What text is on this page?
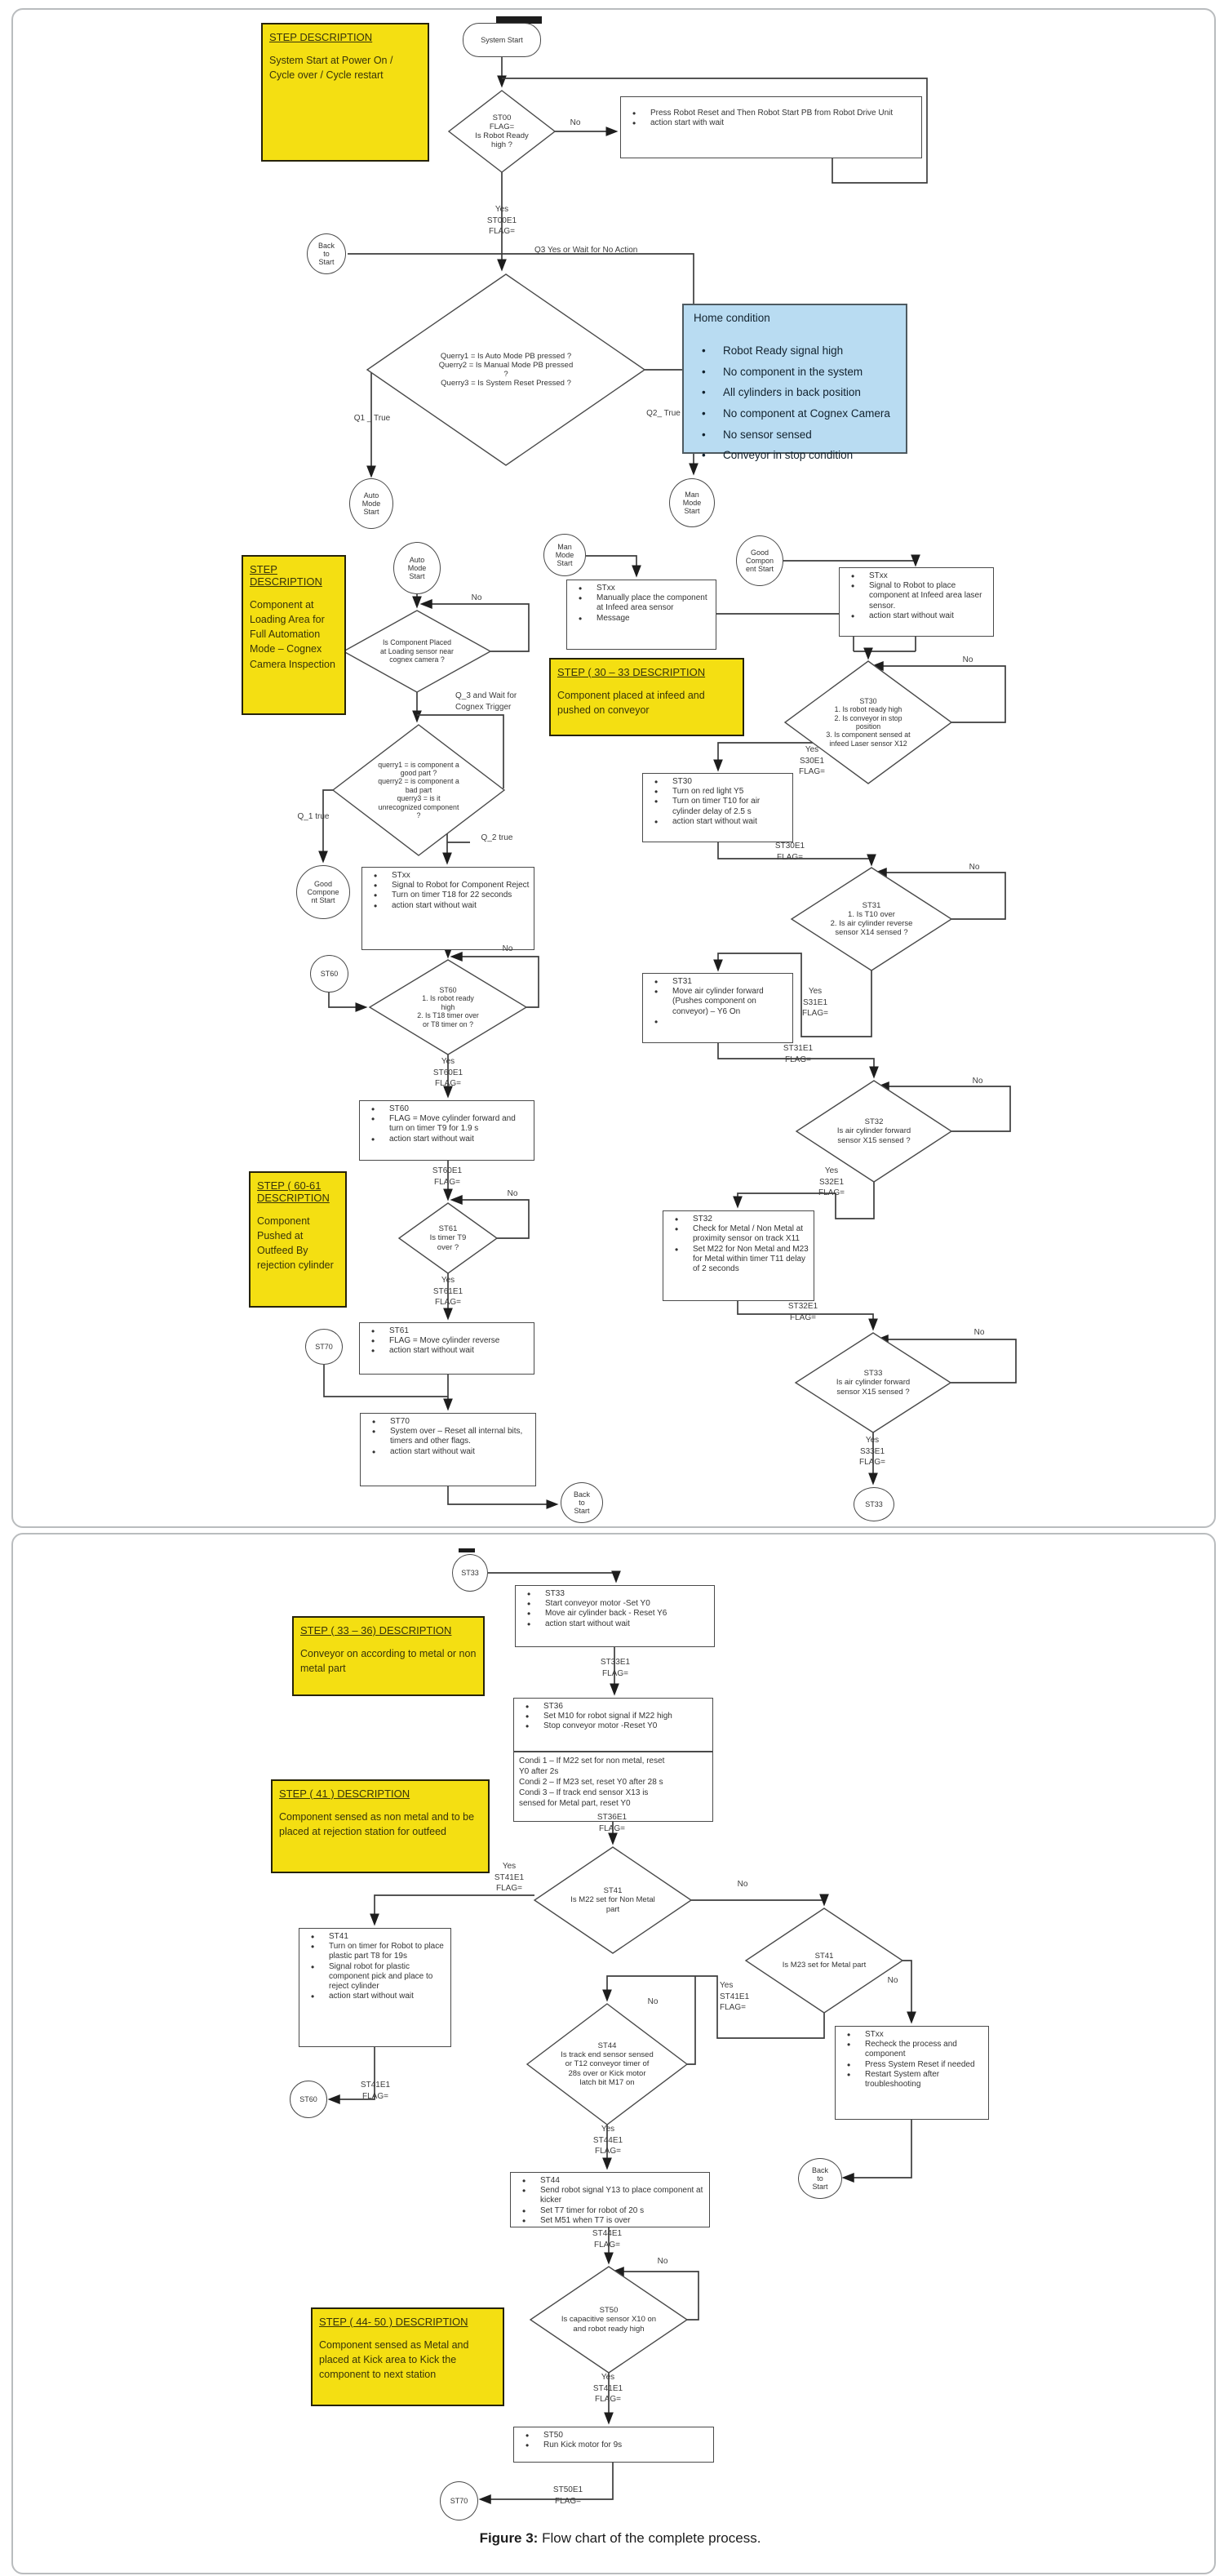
STEP DESCRIPTION
System Start at Power On / Cycle over / Cycle restart
STEP
DESCRIPTION
Component at Loading Area for Full Automation Mode – Cognex Camera Inspection
STEP ( 30 – 33 DESCRIPTION
Component placed at infeed and pushed on conveyor
STEP ( 60-61
DESCRIPTION
Component Pushed at Outfeed By rejection cylinder
STEP ( 33 – 36) DESCRIPTION
Conveyor on according to metal or non metal part
STEP ( 41 ) DESCRIPTION
Component sensed as non metal and to be placed at rejection station for outfeed
STEP ( 44- 50 ) DESCRIPTION
Component sensed as Metal and placed at Kick area to Kick the component to next station
Home condition
• Robot Ready signal high
• No component in the system
• All cylinders in back position
• No component at Cognex Camera
• No sensor sensed
• Conveyor in stop condition
System Start
Back
to
Start
Auto
Mode
Start
Man
Mode
Start
Auto
Mode
Start
Man
Mode
Start
Good
Compon
ent Start
Good
Compone
nt Start
ST60
ST70
Back
to
Start
ST33
ST33
ST60
Back
to
Start
ST70
ST00
FLAG=
Is Robot Ready
high ?
Querry1 = Is Auto Mode PB pressed ?
Querry2 = Is Manual Mode PB pressed
?
Querry3 = Is System Reset Pressed ?
Is Component Placed
at Loading sensor near
cognex camera ?
querry1 = is component a
good part ?
querry2 = is component a
bad part
querry3 = is it
unrecognized component
?
ST60
1. Is robot ready
high
2. Is T18 timer over
or T8 timer on ?
ST61
Is timer T9
over ?
ST30
1. Is robot ready high
2. Is conveyor in stop
position
3. Is component sensed at
infeed Laser sensor X12
ST31
1. Is T10 over
2. Is air cylinder reverse
sensor X14 sensed ?
ST32
Is air cylinder forward
sensor X15 sensed ?
ST33
Is air cylinder forward
sensor X15 sensed ?
ST41
Is M22 set for Non Metal
part
ST41
Is M23 set for Metal part
ST44
Is track end sensor sensed
or T12 conveyor timer of
28s over or Kick motor
latch bit M17 on
ST50
Is capacitive sensor X10 on
and robot ready high
• Press Robot Reset and Then Robot Start PB from Robot Drive Unit
• action start with wait
• STxx
• Manually place the component at Infeed area sensor
• Message
• STxx
• Signal to Robot to place component at Infeed area laser sensor.
• action start without wait
• STxx
• Signal to Robot for Component Reject
• Turn on timer T18 for 22 seconds
• action start without wait
• ST30
• Turn on red light Y5
• Turn on timer T10 for air cylinder delay of 2.5 s
• action start without wait
• ST31
• Move air cylinder forward (Pushes component on conveyor) – Y6 On
• ST32
• Check for Metal / Non Metal at proximity sensor on track X11
• Set M22 for Non Metal and M23 for Metal within timer T11 delay of 2 seconds
• ST60
• FLAG = Move cylinder forward and turn on timer T9 for 1.9 s
• action start without wait
• ST61
• FLAG = Move cylinder reverse
• action start without wait
• ST70
• System over – Reset all internal bits, timers and other flags.
• action start without wait
• ST33
• Start conveyor motor -Set Y0
• Move air cylinder back - Reset Y6
• action start without wait
• ST36
• Set M10 for robot signal if M22 high
• Stop conveyor motor -Reset Y0
Condi 1 – If M22 set for non metal, reset
Y0 after 2s
Condi 2 – If M23 set, reset Y0 after 28 s
Condi 3 – If track end sensor X13 is
sensed for Metal part, reset Y0
• ST41
• Turn on timer for Robot to place plastic part T8 for 19s
• Signal robot for plastic component pick and place to reject cylinder
• action start without wait
• STxx
• Recheck the process and component
• Press System Reset if needed
• Restart System after troubleshooting
• ST44
• Send robot signal Y13 to place component at kicker
• Set T7 timer for robot of 20 s
• Set M51 when T7 is over
• ST50
• Run Kick motor for 9s
Yes
ST00E1
FLAG=
Q3 Yes or Wait for No Action
No
Q1 _ True
Q2_ True
No
Q_3 and Wait for
Cognex Trigger
Q_1 true
Q_2 true
No
Yes
ST60E1
FLAG=
ST60E1
FLAG=
No
Yes
ST61E1
FLAG=
No
Yes
S30E1
FLAG=
ST30E1
FLAG=
No
Yes
S31E1
FLAG=
ST31E1
FLAG=
No
Yes
S32E1
FLAG=
ST32E1
FLAG=
No
Yes
S33E1
FLAG=
ST33E1
FLAG=
ST36E1
FLAG=
Yes
ST41E1
FLAG=	No
ST41E1
FLAG=
Yes
ST41E1
FLAG=
No
No
Yes
ST44E1
FLAG=
ST44E1
FLAG=
No
Yes
ST41E1
FLAG=
ST50E1
FLAG=
Figure 3: Flow chart of the complete process.
